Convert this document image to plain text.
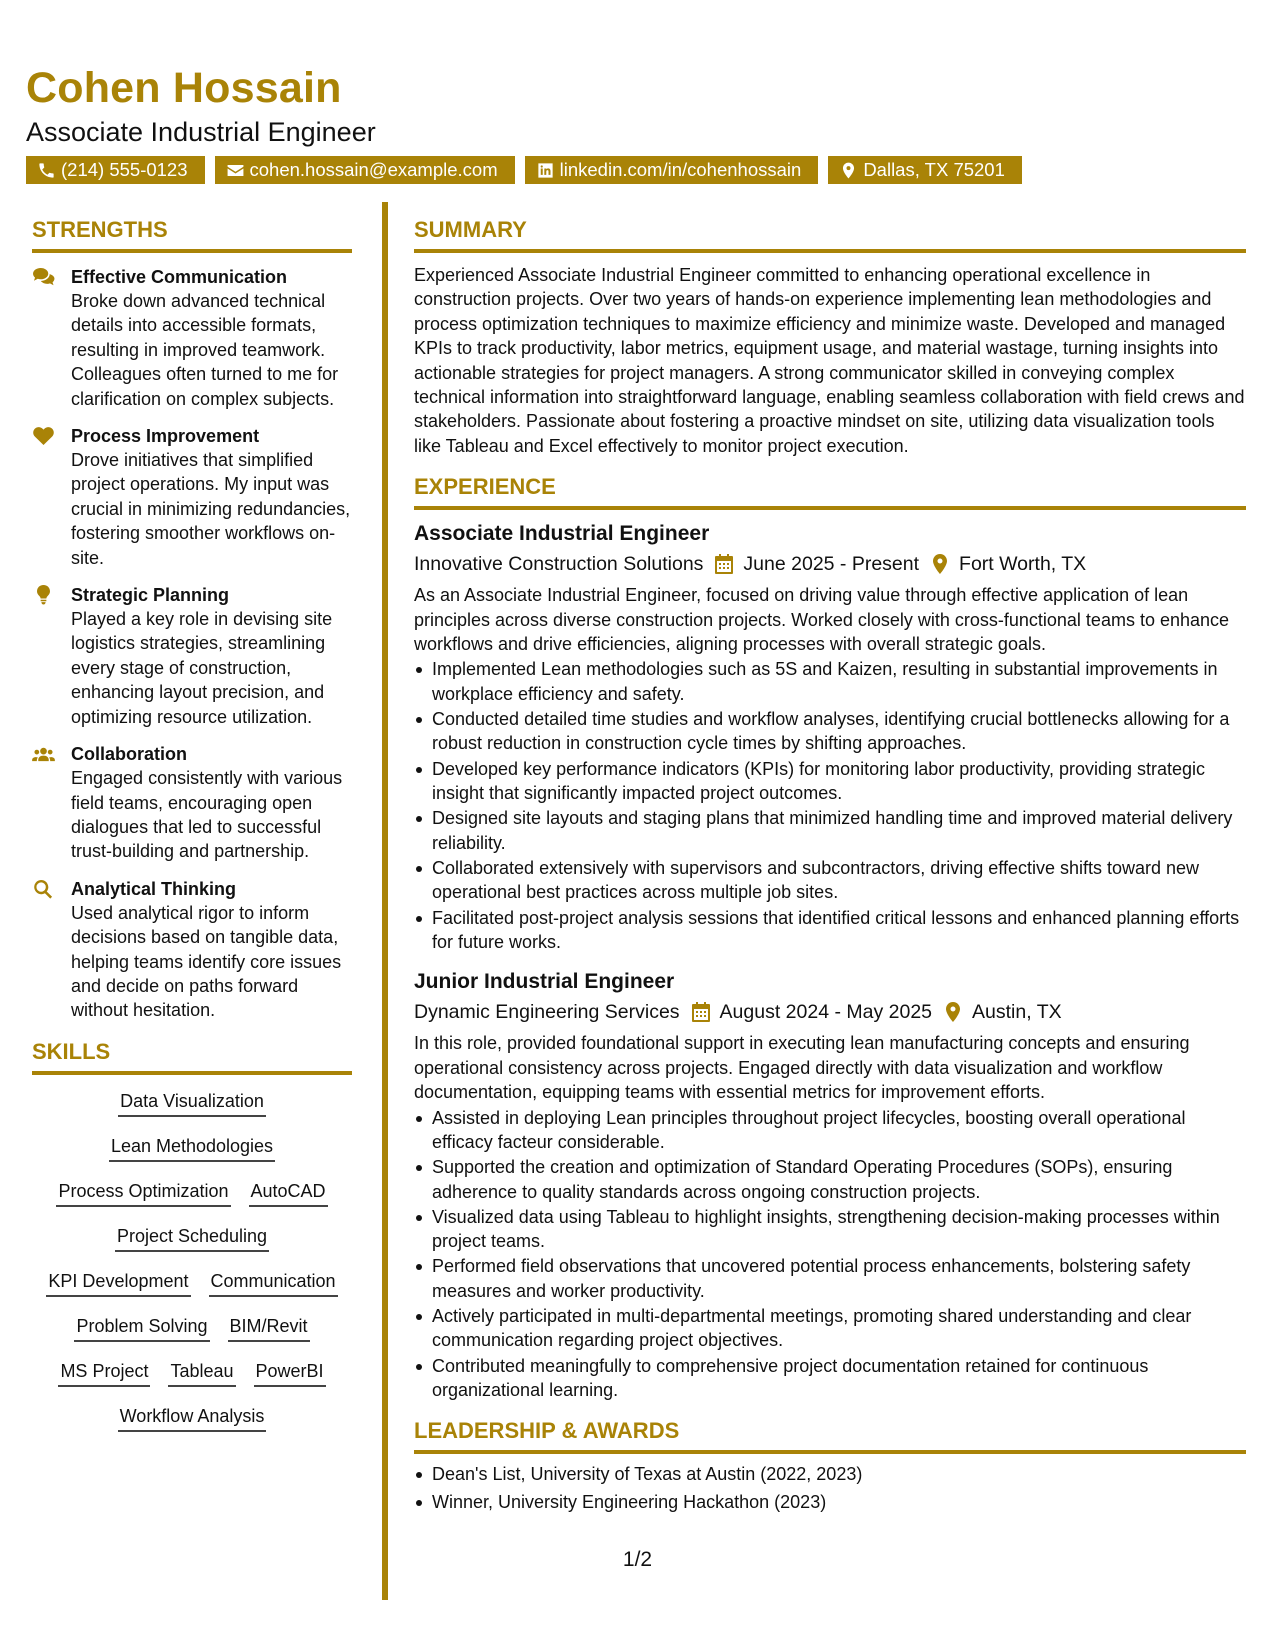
Cohen Hossain
Associate Industrial Engineer
(214) 555-0123	cohen.hossain@example.com	linkedin.com/in/cohenhossain	Dallas, TX 75201
STRENGTHS
Effective Communication
Broke down advanced technical details into accessible formats, resulting in improved teamwork. Colleagues often turned to me for clarification on complex subjects.
Process Improvement
Drove initiatives that simplified project operations. My input was crucial in minimizing redundancies, fostering smoother workflows on-site.
Strategic Planning
Played a key role in devising site logistics strategies, streamlining every stage of construction, enhancing layout precision, and optimizing resource utilization.
Collaboration
Engaged consistently with various field teams, encouraging open dialogues that led to successful trust-building and partnership.
Analytical Thinking
Used analytical rigor to inform decisions based on tangible data, helping teams identify core issues and decide on paths forward without hesitation.
SKILLS
Data Visualization
Lean Methodologies
Process Optimization AutoCAD
Project Scheduling
KPI Development Communication
Problem Solving BIM/Revit
MS Project Tableau PowerBI
Workflow Analysis
SUMMARY
Experienced Associate Industrial Engineer committed to enhancing operational excellence in construction projects. Over two years of hands-on experience implementing lean methodologies and process optimization techniques to maximize efficiency and minimize waste. Developed and managed KPIs to track productivity, labor metrics, equipment usage, and material wastage, turning insights into actionable strategies for project managers. A strong communicator skilled in conveying complex technical information into straightforward language, enabling seamless collaboration with field crews and stakeholders. Passionate about fostering a proactive mindset on site, utilizing data visualization tools like Tableau and Excel effectively to monitor project execution.
EXPERIENCE
Associate Industrial Engineer
Innovative Construction Solutions June 2025 - Present Fort Worth, TX
As an Associate Industrial Engineer, focused on driving value through effective application of lean principles across diverse construction projects. Worked closely with cross-functional teams to enhance workflows and drive efficiencies, aligning processes with overall strategic goals.
Implemented Lean methodologies such as 5S and Kaizen, resulting in substantial improvements in workplace efficiency and safety.
Conducted detailed time studies and workflow analyses, identifying crucial bottlenecks allowing for a robust reduction in construction cycle times by shifting approaches.
Developed key performance indicators (KPIs) for monitoring labor productivity, providing strategic insight that significantly impacted project outcomes.
Designed site layouts and staging plans that minimized handling time and improved material delivery reliability.
Collaborated extensively with supervisors and subcontractors, driving effective shifts toward new operational best practices across multiple job sites.
Facilitated post-project analysis sessions that identified critical lessons and enhanced planning efforts for future works.
Junior Industrial Engineer
Dynamic Engineering Services August 2024 - May 2025 Austin, TX
In this role, provided foundational support in executing lean manufacturing concepts and ensuring operational consistency across projects. Engaged directly with data visualization and workflow documentation, equipping teams with essential metrics for improvement efforts.
Assisted in deploying Lean principles throughout project lifecycles, boosting overall operational efficacy facteur considerable.
Supported the creation and optimization of Standard Operating Procedures (SOPs), ensuring adherence to quality standards across ongoing construction projects.
Visualized data using Tableau to highlight insights, strengthening decision-making processes within project teams.
Performed field observations that uncovered potential process enhancements, bolstering safety measures and worker productivity.
Actively participated in multi-departmental meetings, promoting shared understanding and clear communication regarding project objectives.
Contributed meaningfully to comprehensive project documentation retained for continuous organizational learning.
LEADERSHIP & AWARDS
Dean's List, University of Texas at Austin (2022, 2023)
Winner, University Engineering Hackathon (2023)
1/2
